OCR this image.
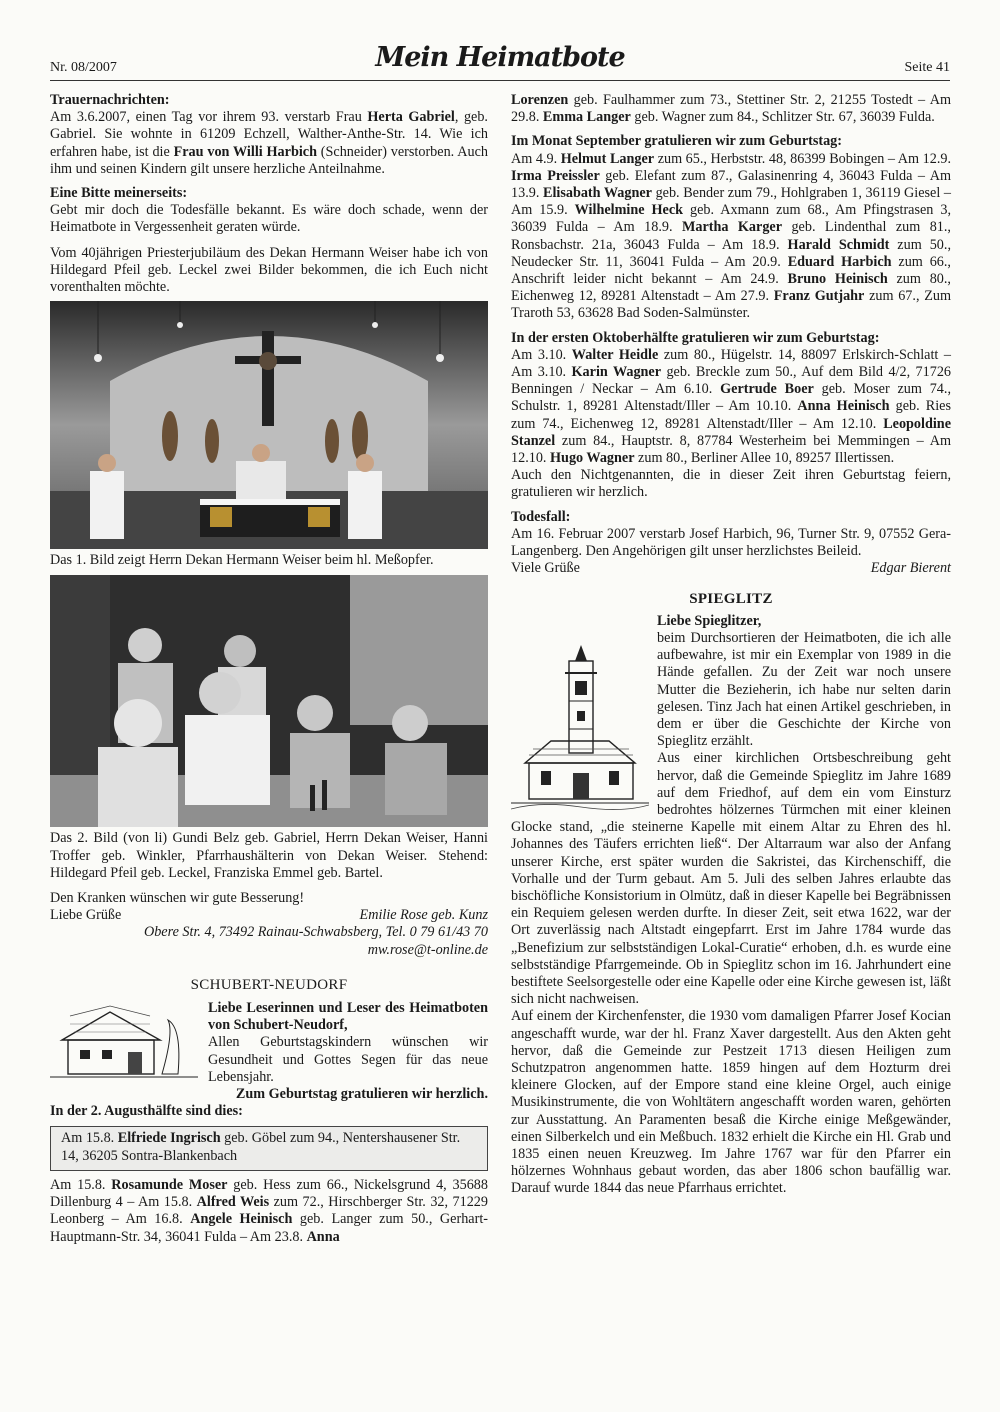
Nr. 08/2007	Mein Heimatbote	Seite 41

Trauernachrichten:

Am 3.6.2007, einen Tag vor ihrem 93. verstarb Frau Herta Gabriel, geb. Gabriel. Sie wohnte in 61209 Echzell, Walther-Anthe-Str. 14. Wie ich erfahren habe, ist die Frau von Willi Harbich (Schneider) verstorben. Auch ihm und seinen Kindern gilt unsere herzliche Anteilnahme.

Eine Bitte meinerseits:

Gebt mir doch die Todesfälle bekannt. Es wäre doch schade, wenn der Heimatbote in Vergessenheit geraten würde.

Vom 40jährigen Priesterjubiläum des Dekan Hermann Weiser habe ich von Hildegard Pfeil geb. Leckel zwei Bilder bekommen, die ich Euch nicht vorenthalten möchte.

Das 1. Bild zeigt Herrn Dekan Hermann Weiser beim hl. Meßopfer.

Das 2. Bild (von li) Gundi Belz geb. Gabriel, Herrn Dekan Weiser, Hanni Troffer geb. Winkler, Pfarrhaushälterin von Dekan Weiser. Stehend: Hildegard Pfeil geb. Leckel, Franziska Emmel geb. Bartel.

Den Kranken wünschen wir gute Besserung!

Liebe Grüße	Emilie Rose geb. Kunz

Obere Str. 4, 73492 Rainau-Schwabsberg, Tel. 0 79 61/43 70

mw.rose@t-online.de

SCHUBERT-NEUDORF

Liebe Leserinnen und Leser des Heimatboten von Schubert-Neudorf,

Allen Geburtstagskindern wünschen wir Gesundheit und Gottes Segen für das neue Lebensjahr.

Zum Geburtstag gratulieren wir herzlich.

In der 2. Augusthälfte sind dies:

Am 15.8. Elfriede Ingrisch geb. Göbel zum 94., Nentershausener Str. 14, 36205 Sontra-Blankenbach

Am 15.8. Rosamunde Moser geb. Hess zum 66., Nickelsgrund 4, 35688 Dillenburg 4 – Am 15.8. Alfred Weis zum 72., Hirschberger Str. 32, 71229 Leonberg – Am 16.8. Angele Heinisch geb. Langer zum 50., Gerhart-Hauptmann-Str. 34, 36041 Fulda – Am 23.8. Anna

Lorenzen geb. Faulhammer zum 73., Stettiner Str. 2, 21255 Tostedt – Am 29.8. Emma Langer geb. Wagner zum 84., Schlitzer Str. 67, 36039 Fulda.

Im Monat September gratulieren wir zum Geburtstag:

Am 4.9. Helmut Langer zum 65., Herbststr. 48, 86399 Bobingen – Am 12.9. Irma Preissler geb. Elefant zum 87., Galasinenring 4, 36043 Fulda – Am 13.9. Elisabath Wagner geb. Bender zum 79., Hohlgraben 1, 36119 Giesel – Am 15.9. Wilhelmine Heck geb. Axmann zum 68., Am Pfingstrasen 3, 36039 Fulda – Am 18.9. Martha Karger geb. Lindenthal zum 81., Ronsbachstr. 21a, 36043 Fulda – Am 18.9. Harald Schmidt zum 50., Neudecker Str. 11, 36041 Fulda – Am 20.9. Eduard Harbich zum 66., Anschrift leider nicht bekannt – Am 24.9. Bruno Heinisch zum 80., Eichenweg 12, 89281 Altenstadt – Am 27.9. Franz Gutjahr zum 67., Zum Traroth 53, 63628 Bad Soden-Salmünster.

In der ersten Oktoberhälfte gratulieren wir zum Geburtstag:

Am 3.10. Walter Heidle zum 80., Hügelstr. 14, 88097 Erlskirch-Schlatt – Am 3.10. Karin Wagner geb. Breckle zum 50., Auf dem Bild 4/2, 71726 Benningen / Neckar – Am 6.10. Gertrude Boer geb. Moser zum 74., Schulstr. 1, 89281 Altenstadt/Iller – Am 10.10. Anna Heinisch geb. Ries zum 74., Eichenweg 12, 89281 Altenstadt/Iller – Am 12.10. Leopoldine Stanzel zum 84., Hauptstr. 8, 87784 Westerheim bei Memmingen – Am 12.10. Hugo Wagner zum 80., Berliner Allee 10, 89257 Illertissen.

Auch den Nichtgenannten, die in dieser Zeit ihren Geburtstag feiern, gratulieren wir herzlich.

Todesfall:

Am 16. Februar 2007 verstarb Josef Harbich, 96, Turner Str. 9, 07552 Gera-Langenberg. Den Angehörigen gilt unser herzlichstes Beileid.

Viele Grüße	Edgar Bierent

SPIEGLITZ

Liebe Spieglitzer,

beim Durchsortieren der Heimatboten, die ich alle aufbewahre, ist mir ein Exemplar von 1989 in die Hände gefallen. Zu der Zeit war noch unsere Mutter die Bezieherin, ich habe nur selten darin gelesen. Tinz Jach hat einen Artikel geschrieben, in dem er über die Geschichte der Kirche von Spieglitz erzählt.

Aus einer kirchlichen Ortsbeschreibung geht hervor, daß die Gemeinde Spieglitz im Jahre 1689 auf dem Friedhof, auf dem ein vom Einsturz bedrohtes hölzernes Türmchen mit einer kleinen Glocke stand, „die steinerne Kapelle mit einem Altar zu Ehren des hl. Johannes des Täufers errichten ließ“. Der Altarraum war also der Anfang unserer Kirche, erst später wurden die Sakristei, das Kirchenschiff, die Vorhalle und der Turm gebaut. Am 5. Juli des selben Jahres erlaubte das bischöfliche Konsistorium in Olmütz, daß in dieser Kapelle bei Begräbnissen ein Requiem gelesen werden durfte. In dieser Zeit, seit etwa 1622, war der Ort zuverlässig nach Altstadt eingepfarrt. Erst im Jahre 1784 wurde das „Benefizium zur selbstständigen Lokal-Curatie“ erhoben, d.h. es wurde eine selbstständige Pfarrgemeinde. Ob in Spieglitz schon im 16. Jahrhundert eine bestiftete Seelsorgestelle oder eine Kapelle oder eine Kirche gewesen ist, läßt sich nicht nachweisen.

Auf einem der Kirchenfenster, die 1930 vom damaligen Pfarrer Josef Kocian angeschafft wurde, war der hl. Franz Xaver dargestellt. Aus den Akten geht hervor, daß die Gemeinde zur Pestzeit 1713 diesen Heiligen zum Schutzpatron angenommen hatte. 1859 hingen auf dem Hozturm drei kleinere Glocken, auf der Empore stand eine kleine Orgel, auch einige Musikinstrumente, die von Wohltätern angeschafft worden waren, gehörten zur Ausstattung. An Paramenten besaß die Kirche einige Meßgewänder, einen Silberkelch und ein Meßbuch. 1832 erhielt die Kirche ein Hl. Grab und 1835 einen neuen Kreuzweg. Im Jahre 1767 war für den Pfarrer ein hölzernes Wohnhaus gebaut worden, das aber 1806 schon baufällig war. Darauf wurde 1844 das neue Pfarrhaus errichtet.
